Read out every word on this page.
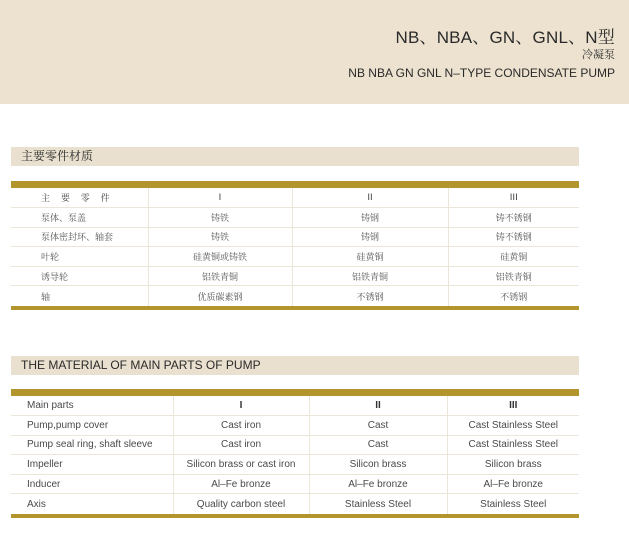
NB、NBA、GN、GNL、N型
冷凝泵
NB NBA GN GNL N–TYPE CONDENSATE PUMP
主要零件材质

主 要 零 件	I	II	III
泵体、泵盖	铸铁	铸钢	铸不锈钢
泵体密封环、轴套	铸铁	铸钢	铸不锈钢
叶轮	硅黄铜或铸铁	硅黄铜	硅黄铜
诱导轮	铝铁青铜	铝铁青铜	铝铁青铜
轴	优质碳素钢	不锈钢	不锈钢

THE MATERIAL OF MAIN PARTS OF PUMP

Main parts	I	II	III
Pump,pump cover	Cast iron	Cast	Cast Stainless Steel
Pump seal ring, shaft sleeve	Cast iron	Cast	Cast Stainless Steel
Impeller	Silicon brass or cast iron	Silicon brass	Silicon brass
Inducer	Al–Fe bronze	Al–Fe bronze	Al–Fe bronze
Axis	Quality carbon steel	Stainless Steel	Stainless Steel
